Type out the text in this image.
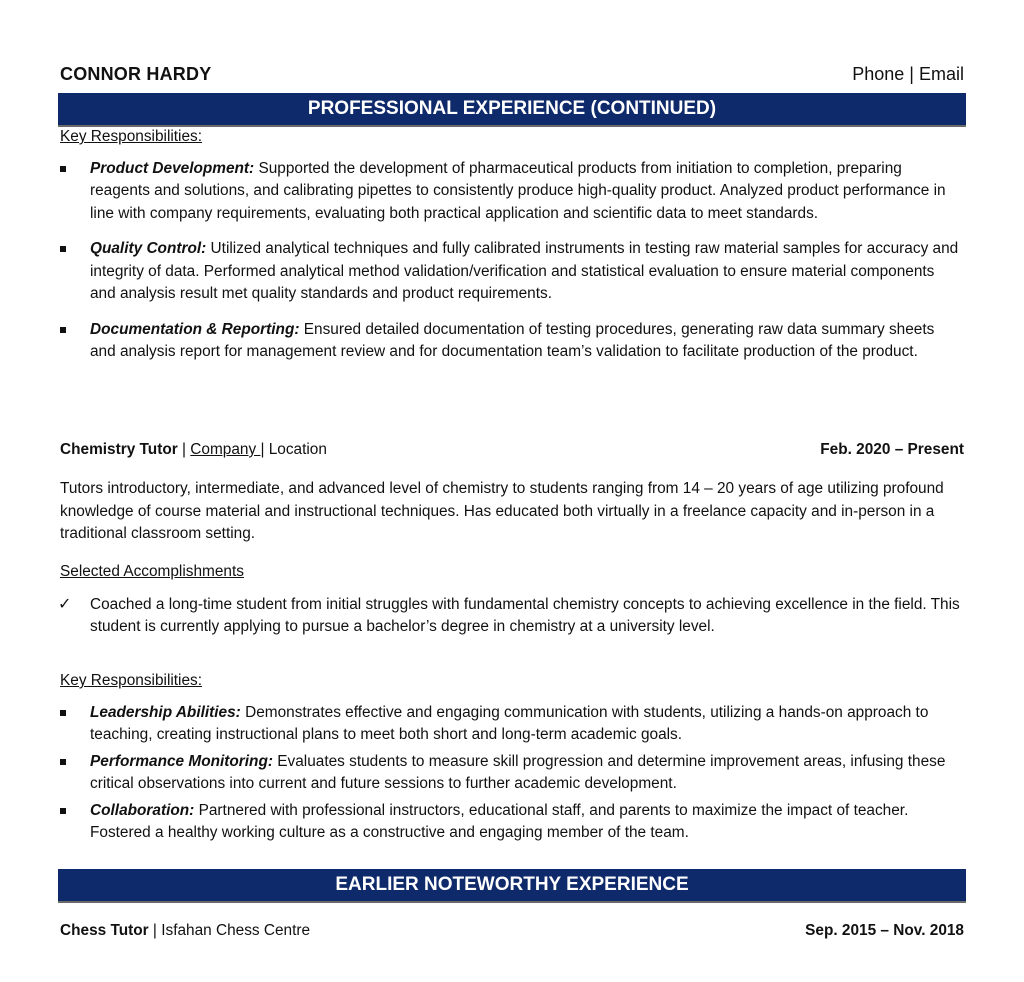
CONNOR HARDY	Phone | Email
PROFESSIONAL EXPERIENCE (CONTINUED)
Key Responsibilities:
Product Development: Supported the development of pharmaceutical products from initiation to completion, preparing reagents and solutions, and calibrating pipettes to consistently produce high-quality product. Analyzed product performance in line with company requirements, evaluating both practical application and scientific data to meet standards.
Quality Control: Utilized analytical techniques and fully calibrated instruments in testing raw material samples for accuracy and integrity of data. Performed analytical method validation/verification and statistical evaluation to ensure material components and analysis result met quality standards and product requirements.
Documentation & Reporting: Ensured detailed documentation of testing procedures, generating raw data summary sheets and analysis report for management review and for documentation team’s validation to facilitate production of the product.
Chemistry Tutor | Company | Location	Feb. 2020 – Present
Tutors introductory, intermediate, and advanced level of chemistry to students ranging from 14 – 20 years of age utilizing profound knowledge of course material and instructional techniques. Has educated both virtually in a freelance capacity and in-person in a traditional classroom setting.
Selected Accomplishments
✓ Coached a long-time student from initial struggles with fundamental chemistry concepts to achieving excellence in the field. This student is currently applying to pursue a bachelor’s degree in chemistry at a university level.
Key Responsibilities:
Leadership Abilities: Demonstrates effective and engaging communication with students, utilizing a hands-on approach to teaching, creating instructional plans to meet both short and long-term academic goals.
Performance Monitoring: Evaluates students to measure skill progression and determine improvement areas, infusing these critical observations into current and future sessions to further academic development.
Collaboration: Partnered with professional instructors, educational staff, and parents to maximize the impact of teacher. Fostered a healthy working culture as a constructive and engaging member of the team.
EARLIER NOTEWORTHY EXPERIENCE
Chess Tutor | Isfahan Chess Centre	Sep. 2015 – Nov. 2018
